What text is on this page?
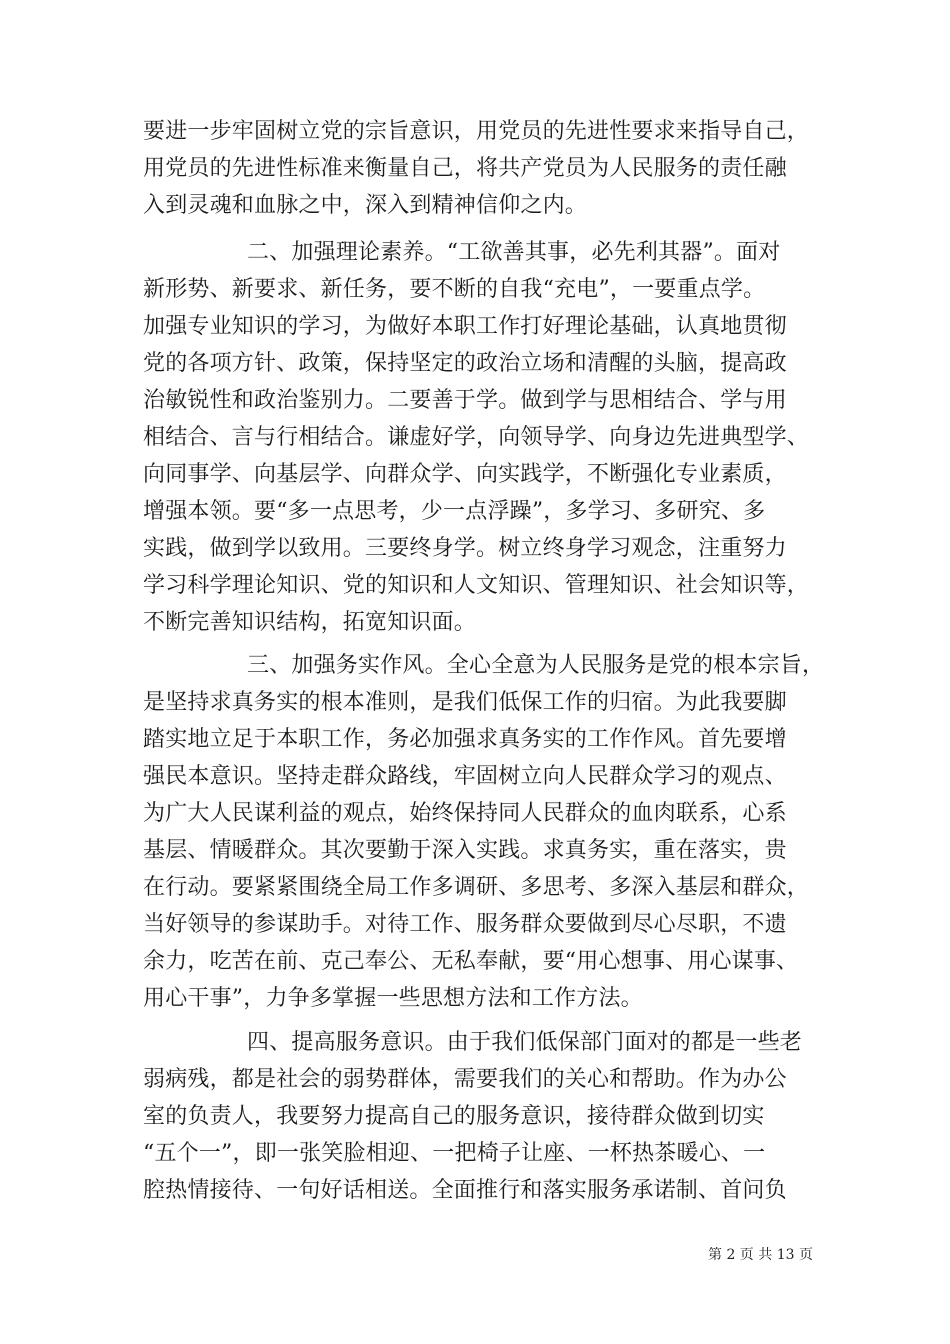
要进一步牢固树立党的宗旨意识，用党员的先进性要求来指导自己，
用党员的先进性标准来衡量自己，将共产党员为人民服务的责任融
入到灵魂和血脉之中，深入到精神信仰之内。
二、加强理论素养。“工欲善其事，必先利其器”。面对
新形势、新要求、新任务，要不断的自我“充电”，一要重点学。
加强专业知识的学习，为做好本职工作打好理论基础，认真地贯彻
党的各项方针、政策，保持坚定的政治立场和清醒的头脑，提高政
治敏锐性和政治鉴别力。二要善于学。做到学与思相结合、学与用
相结合、言与行相结合。谦虚好学，向领导学、向身边先进典型学、
向同事学、向基层学、向群众学、向实践学，不断强化专业素质，
增强本领。要“多一点思考，少一点浮躁”，多学习、多研究、多
实践，做到学以致用。三要终身学。树立终身学习观念，注重努力
学习科学理论知识、党的知识和人文知识、管理知识、社会知识等，
不断完善知识结构，拓宽知识面。
三、加强务实作风。全心全意为人民服务是党的根本宗旨，
是坚持求真务实的根本准则，是我们低保工作的归宿。为此我要脚
踏实地立足于本职工作，务必加强求真务实的工作作风。首先要增
强民本意识。坚持走群众路线，牢固树立向人民群众学习的观点、
为广大人民谋利益的观点，始终保持同人民群众的血肉联系，心系
基层、情暖群众。其次要勤于深入实践。求真务实，重在落实，贵
在行动。要紧紧围绕全局工作多调研、多思考、多深入基层和群众，
当好领导的参谋助手。对待工作、服务群众要做到尽心尽职，不遗
余力，吃苦在前、克己奉公、无私奉献，要“用心想事、用心谋事、
用心干事”，力争多掌握一些思想方法和工作方法。
四、提高服务意识。由于我们低保部门面对的都是一些老
弱病残，都是社会的弱势群体，需要我们的关心和帮助。作为办公
室的负责人，我要努力提高自己的服务意识，接待群众做到切实
“五个一”，即一张笑脸相迎、一把椅子让座、一杯热茶暖心、一
腔热情接待、一句好话相送。全面推行和落实服务承诺制、首问负
第 2 页 共 13 页
